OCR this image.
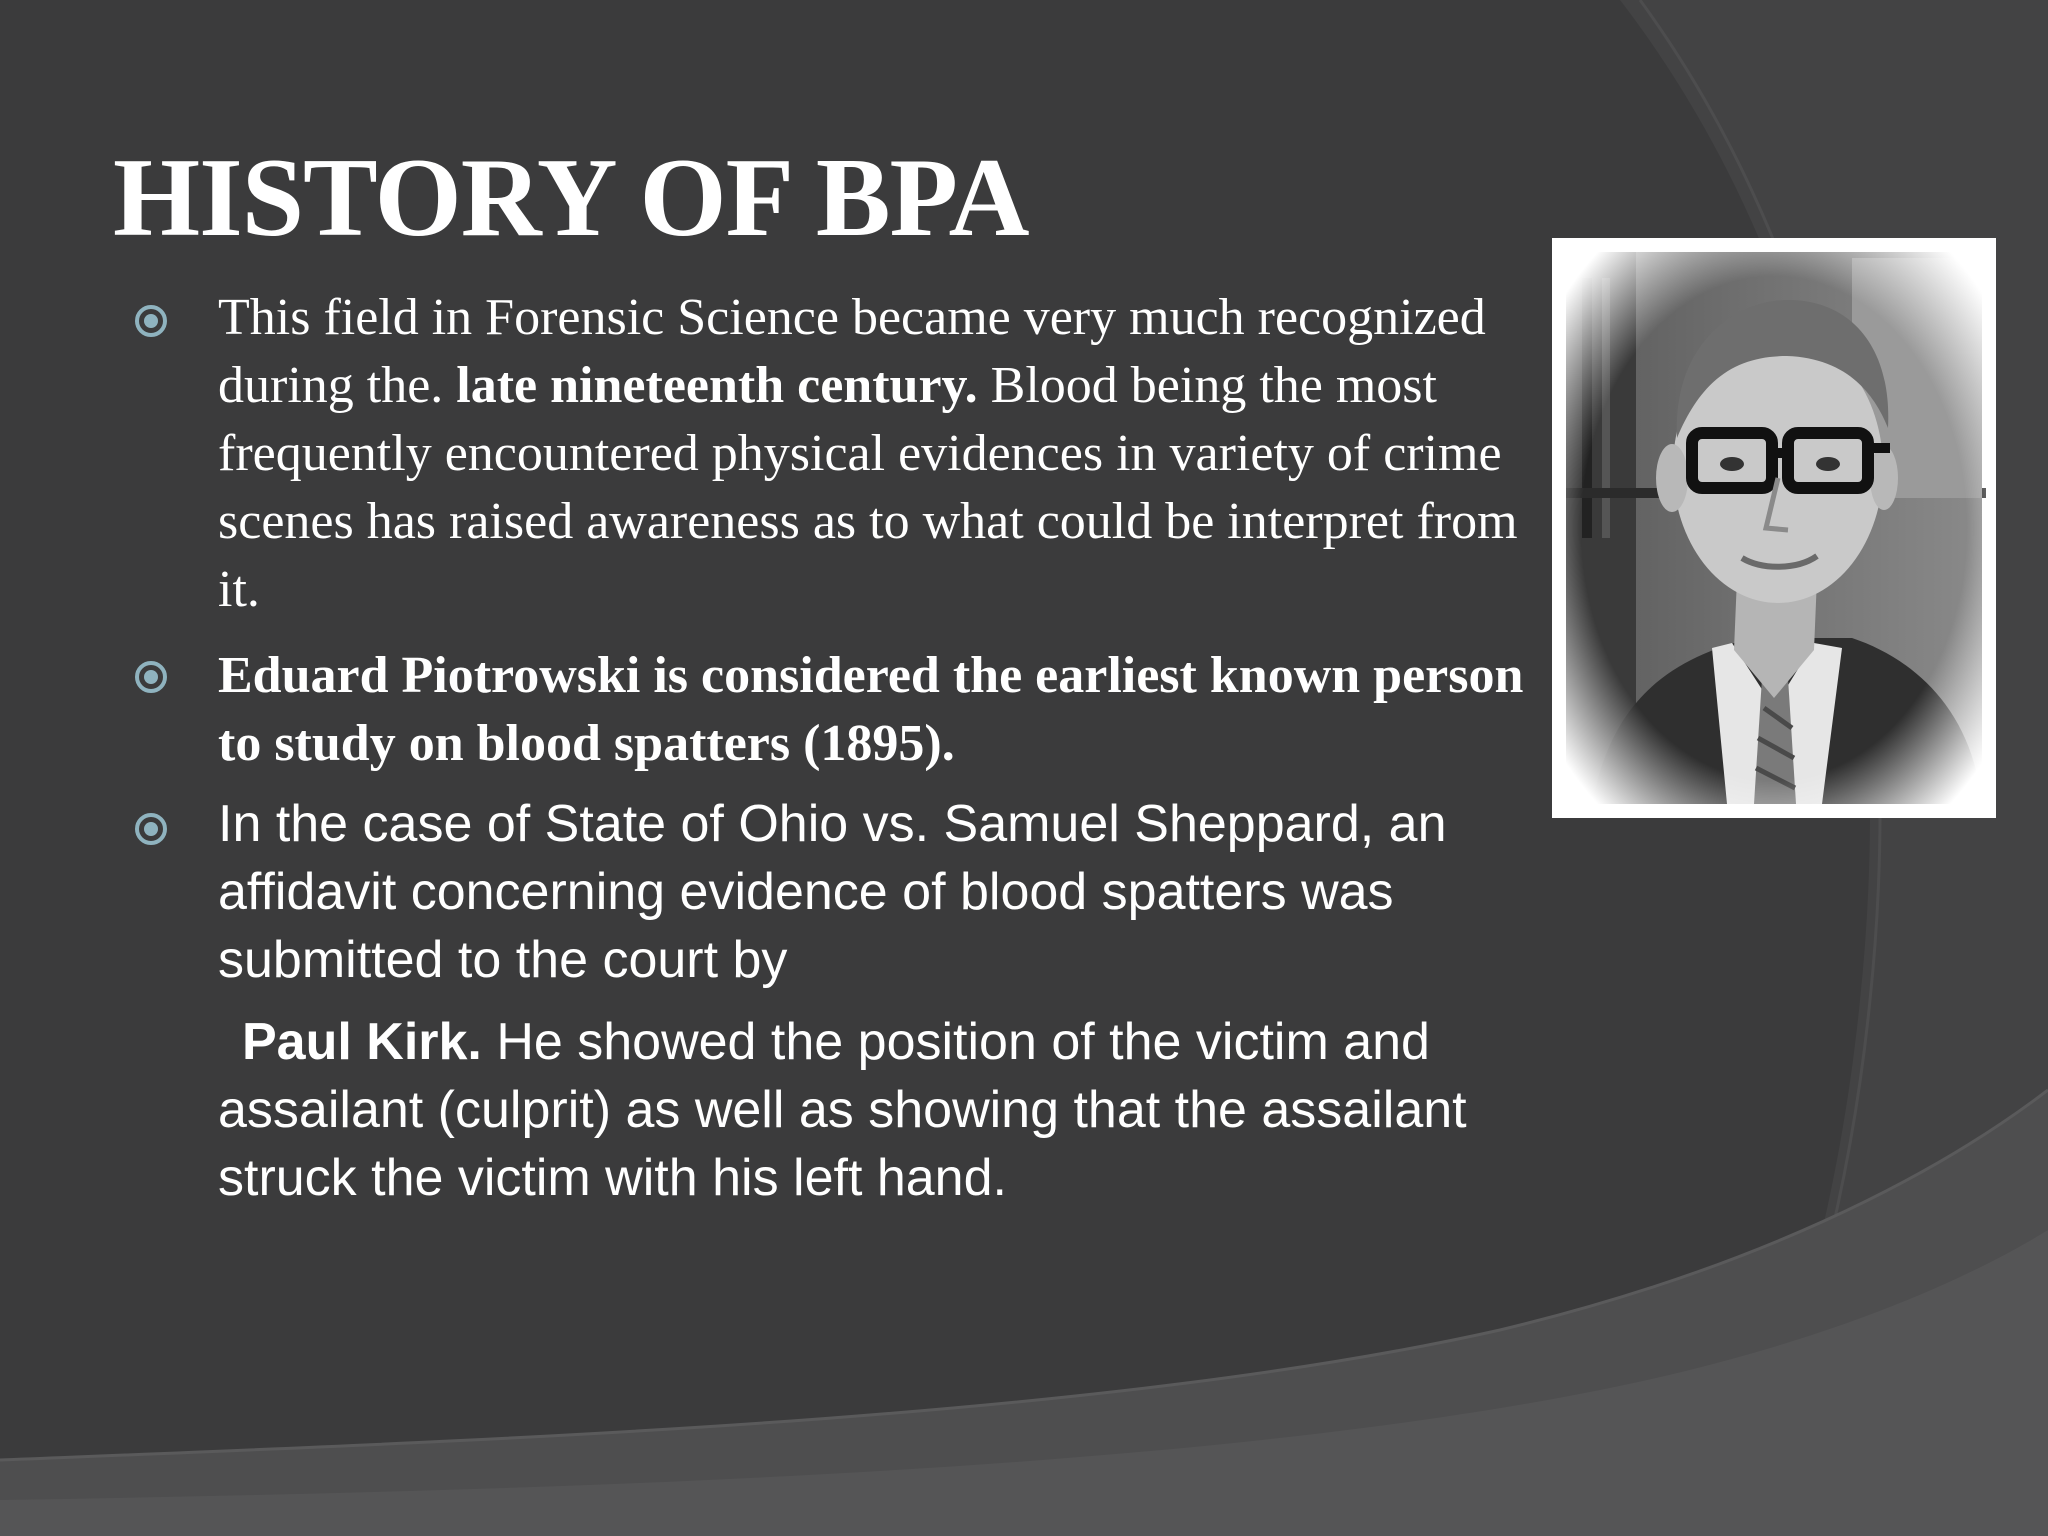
HISTORY OF BPA

This field in Forensic Science became very much recognized during the. late nineteenth century. Blood being the most frequently encountered physical evidences in variety of crime scenes has raised awareness as to what could be interpret from it.

Eduard Piotrowski is considered the earliest known person to study on blood spatters (1895).

In the case of State of Ohio vs. Samuel Sheppard, an affidavit concerning evidence of blood spatters was submitted to the court by

Paul Kirk. He showed the position of the victim and assailant (culprit) as well as showing that the assailant struck the victim with his left hand.
